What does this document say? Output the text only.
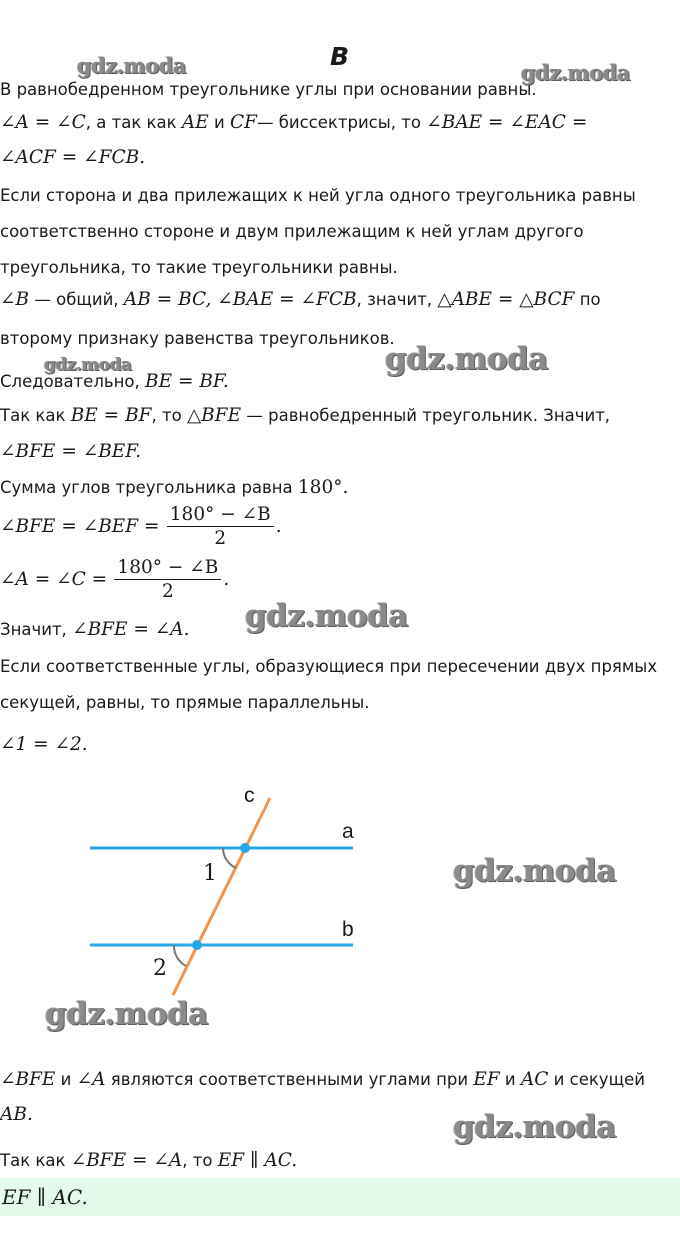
gdz.moda	gdz.moda
gdz.moda	gdz.moda
gdz.moda
gdz.moda
gdz.moda
gdz.moda
В
В равнобедренном треугольнике углы при основании равны.
∠A = ∠C, а так как AE и CF— биссектрисы, то ∠BAE = ∠EAC =
∠ACF = ∠FCB.
Если сторона и два прилежащих к ней угла одного треугольника равны
соответственно стороне и двум прилежащим к ней углам другого
треугольника, то такие треугольники равны.
∠B — общий, AB = BC, ∠BAE = ∠FCB, значит, △ABE = △BCF по
второму признаку равенства треугольников.
Следовательно, BE = BF.
Так как BE = BF, то △BFE — равнобедренный треугольник. Значит,
∠BFE = ∠BEF.
Сумма углов треугольника равна 180°.
∠BFE = ∠BEF = $\frac{180^\circ - \angle B}{2}$ .
∠A = ∠C = $\frac{180^\circ - \angle B}{2}$ .
Значит, ∠BFE = ∠A.
Если соответственные углы, образующиеся при пересечении двух прямых
секущей, равны, то прямые параллельны.
∠1 = ∠2.
c
a
b
1
2
∠BFE и ∠A являются соответственными углами при EF и AC и секущей
AB.
Так как ∠BFE = ∠A, то EF ∥ AC.
EF ∥ AC.
